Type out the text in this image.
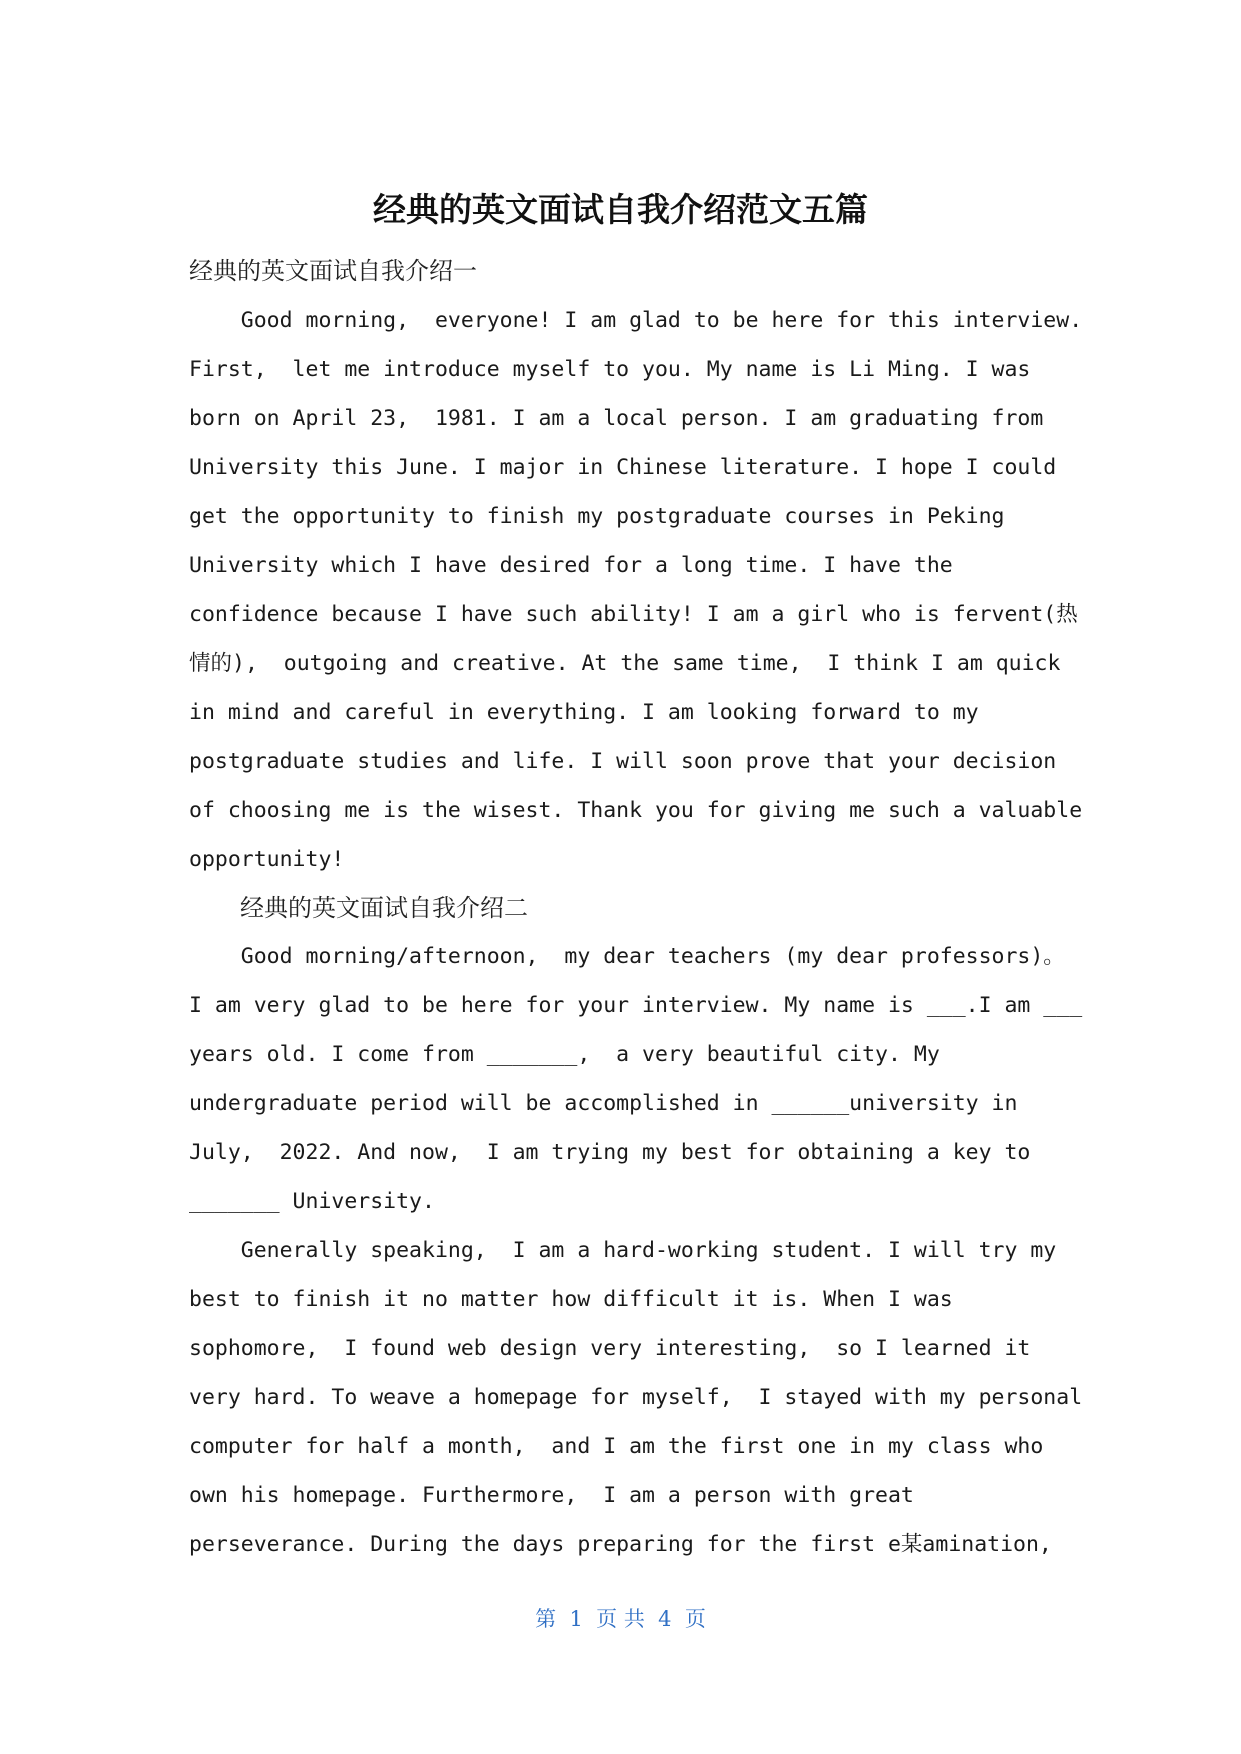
经典的英文面试自我介绍范文五篇

经典的英文面试自我介绍一

Good morning,  everyone! I am glad to be here for this interview.

First,  let me introduce myself to you. My name is Li Ming. I was

born on April 23,  1981. I am a local person. I am graduating from

University this June. I major in Chinese literature. I hope I could

get the opportunity to finish my postgraduate courses in Peking

University which I have desired for a long time. I have the

confidence because I have such ability! I am a girl who is fervent(热

情的),  outgoing and creative. At the same time,  I think I am quick

in mind and careful in everything. I am looking forward to my

postgraduate studies and life. I will soon prove that your decision

of choosing me is the wisest. Thank you for giving me such a valuable

opportunity!

经典的英文面试自我介绍二

Good morning/afternoon,  my dear teachers (my dear professors)。

I am very glad to be here for your interview. My name is ___.I am ___

years old. I come from _______,  a very beautiful city. My

undergraduate period will be accomplished in ______university in

July,  2022. And now,  I am trying my best for obtaining a key to

_______ University.

Generally speaking,  I am a hard-working student. I will try my

best to finish it no matter how difficult it is. When I was

sophomore,  I found web design very interesting,  so I learned it

very hard. To weave a homepage for myself,  I stayed with my personal

computer for half a month,  and I am the first one in my class who

own his homepage. Furthermore,  I am a person with great

perseverance. During the days preparing for the first e某amination,

第  1  页 共  4  页
